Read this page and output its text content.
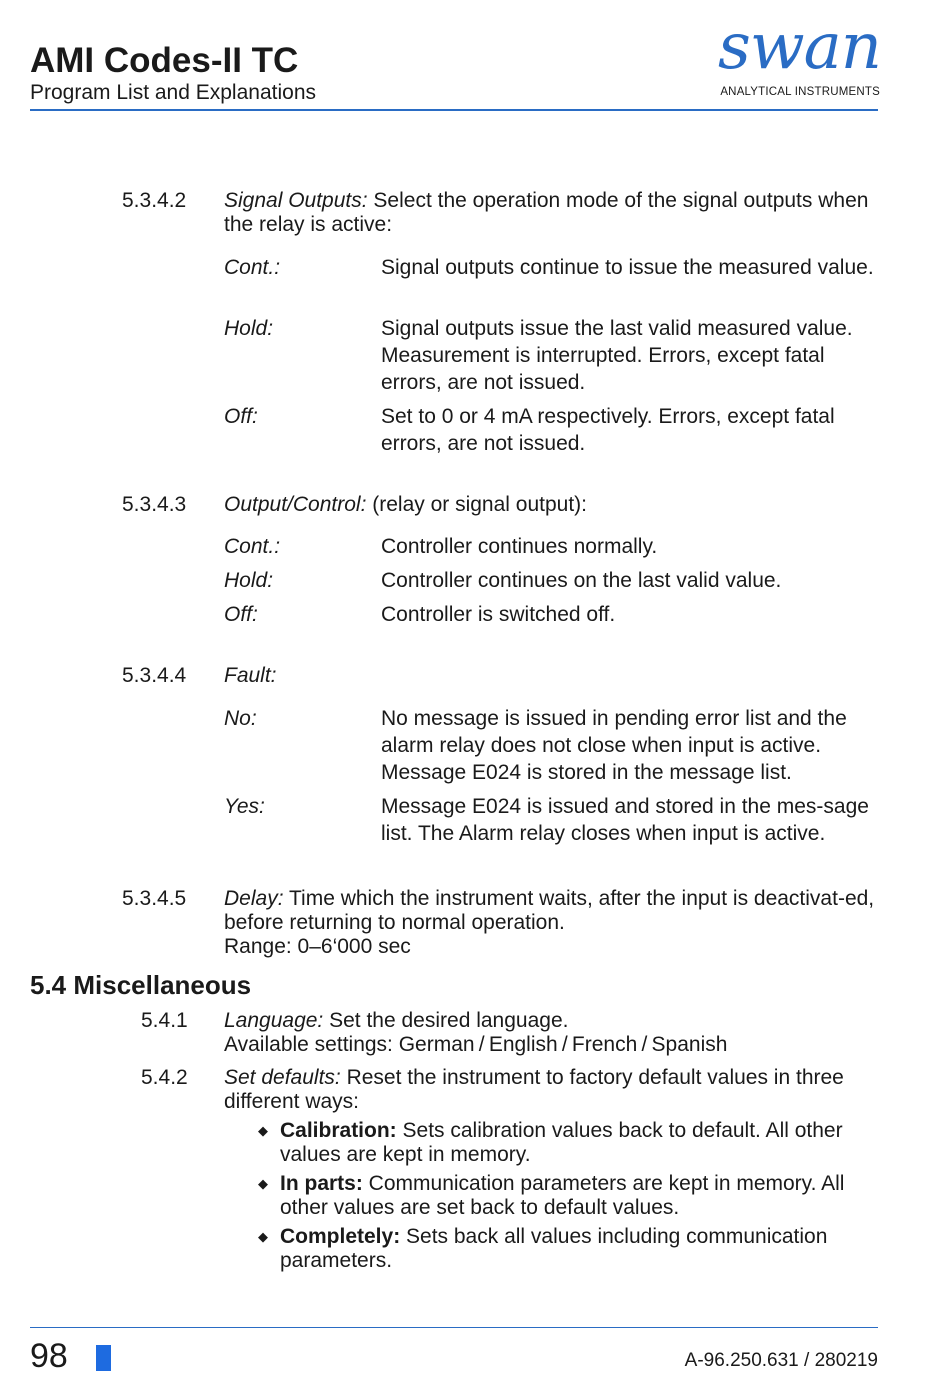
AMI Codes-II TC
Program List and Explanations
swan
ANALYTICAL INSTRUMENTS
5.3.4.2 Signal Outputs: Select the operation mode of the signal outputs when the relay is active:
Cont.:	Signal outputs continue to issue the measured value.
Hold:	Signal outputs issue the last valid measured value. Measurement is interrupted. Errors, except fatal errors, are not issued.
Off:	Set to 0 or 4 mA respectively. Errors, except fatal errors, are not issued.
5.3.4.3 Output/Control: (relay or signal output):
Cont.:	Controller continues normally.
Hold:	Controller continues on the last valid value.
Off:	Controller is switched off.
5.3.4.4 Fault:
No:	No message is issued in pending error list and the alarm relay does not close when input is active. Message E024 is stored in the message list.
Yes:	Message E024 is issued and stored in the mes-sage list. The Alarm relay closes when input is active.
5.3.4.5 Delay: Time which the instrument waits, after the input is deactivat-ed, before returning to normal operation.
Range: 0–6‘000 sec
5.4 Miscellaneous
5.4.1 Language: Set the desired language.
Available settings: German / English / French / Spanish
5.4.2 Set defaults: Reset the instrument to factory default values in three different ways:
◆ Calibration: Sets calibration values back to default. All other values are kept in memory.
◆ In parts: Communication parameters are kept in memory. All other values are set back to default values.
◆ Completely: Sets back all values including communication parameters.
98	A-96.250.631 / 280219
